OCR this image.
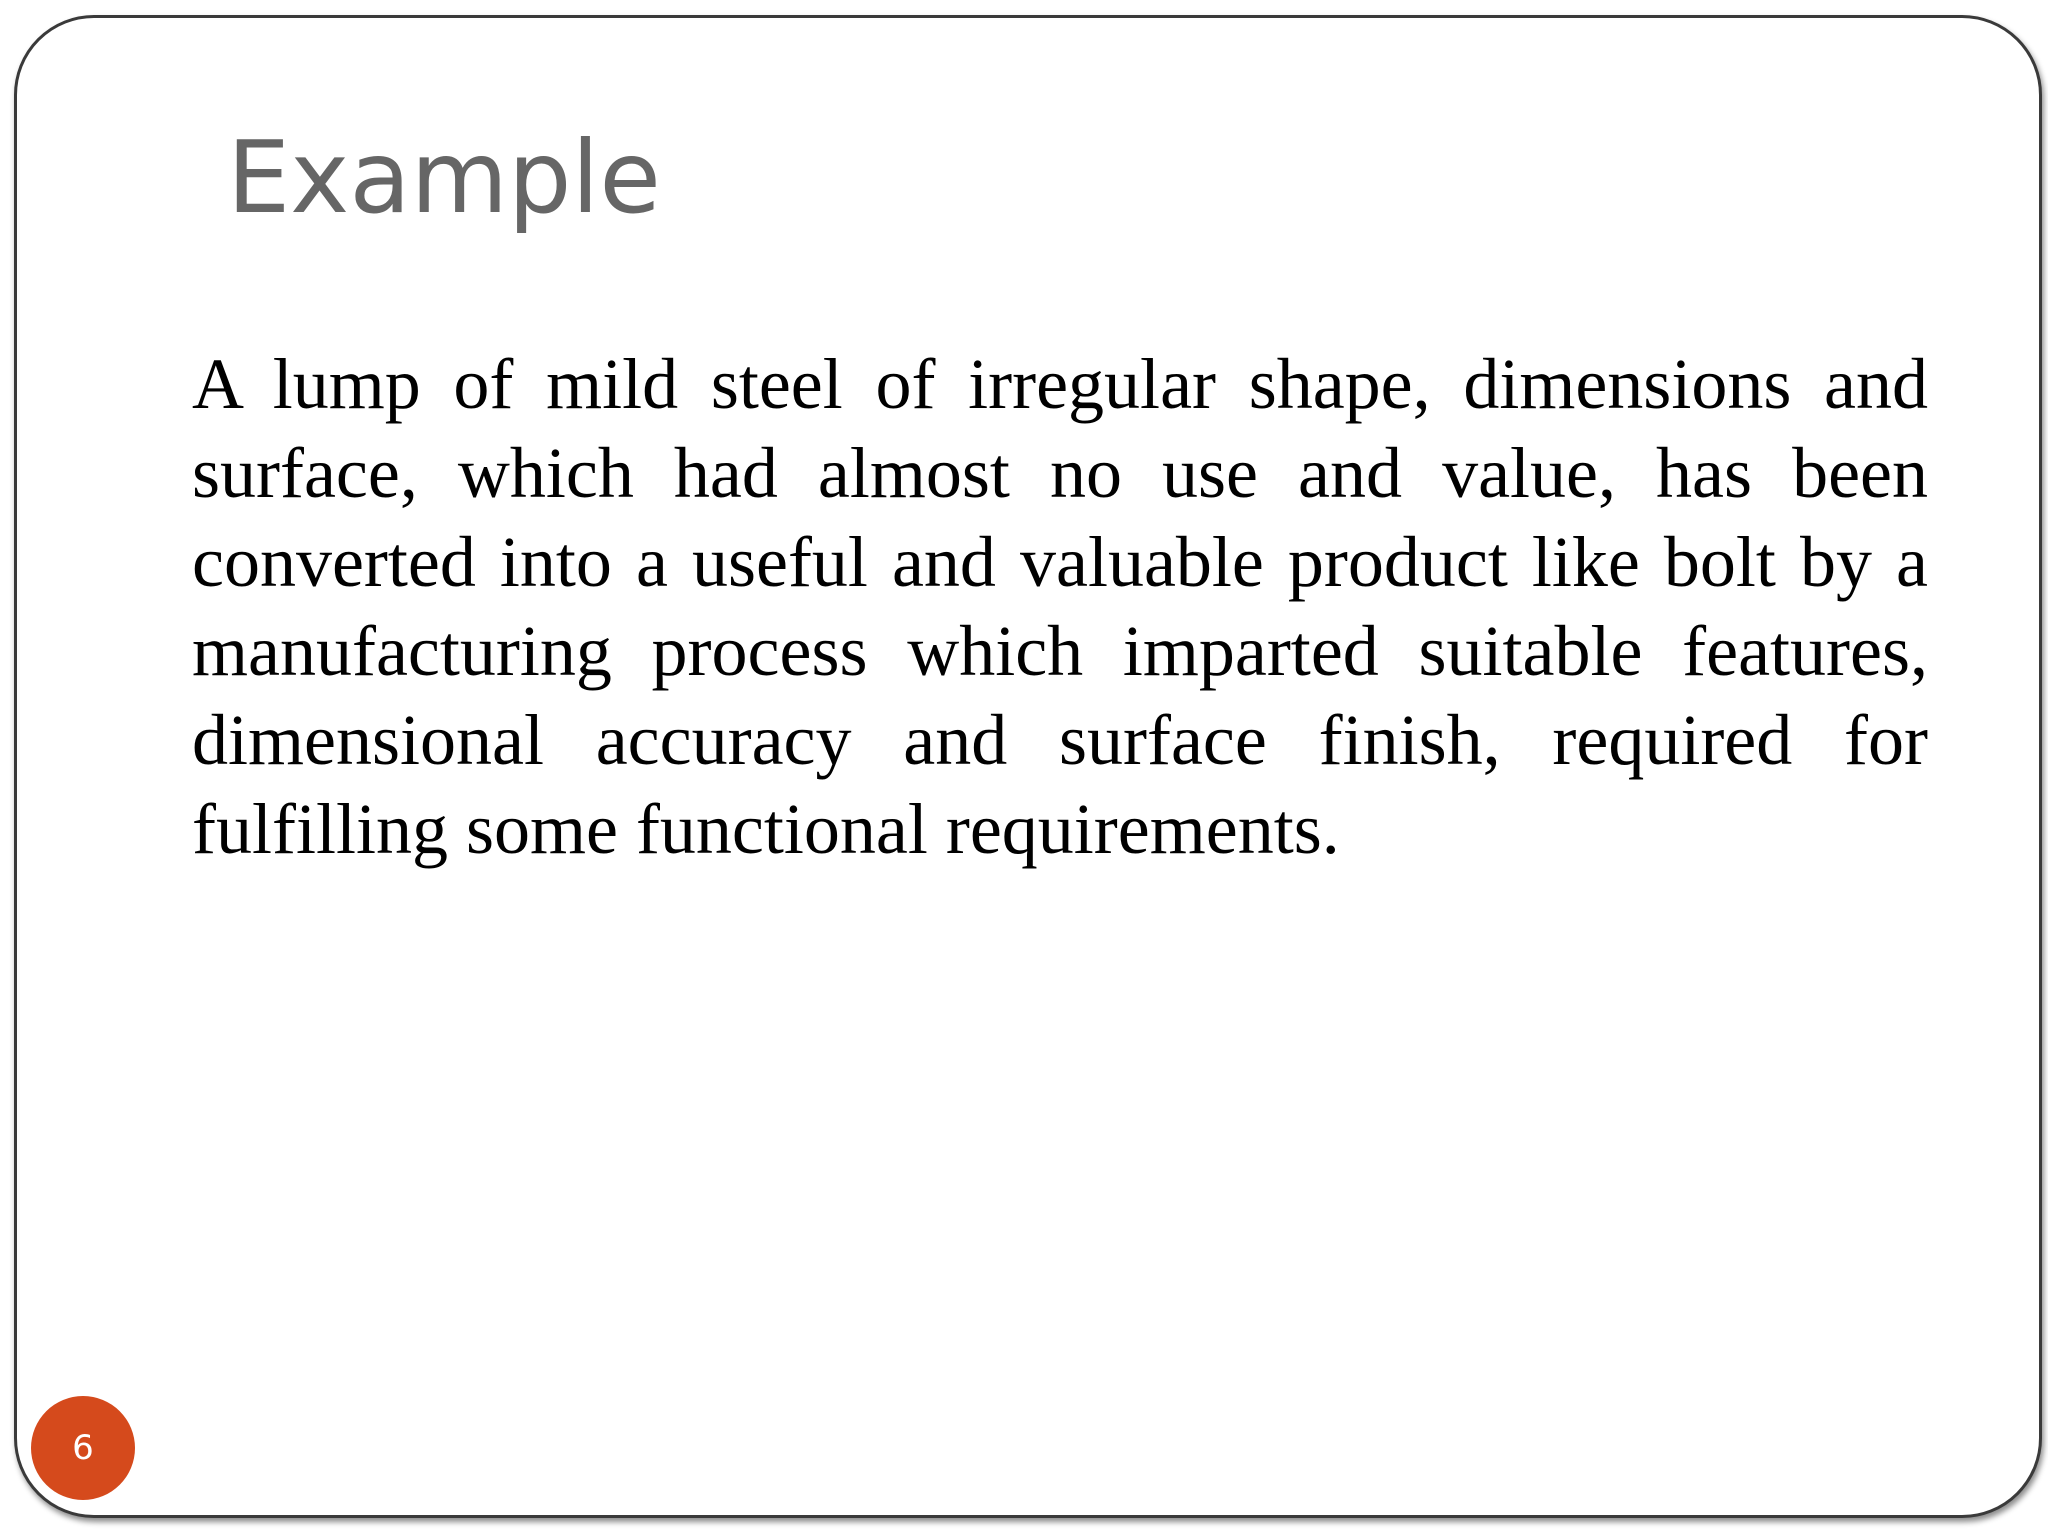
Example

A lump of mild steel of irregular shape, dimensions and surface, which had almost no use and value, has been converted into a useful and valuable product like bolt by a manufacturing process which imparted suitable features, dimensional accuracy and surface finish, required for fulfilling some functional requirements.

6
